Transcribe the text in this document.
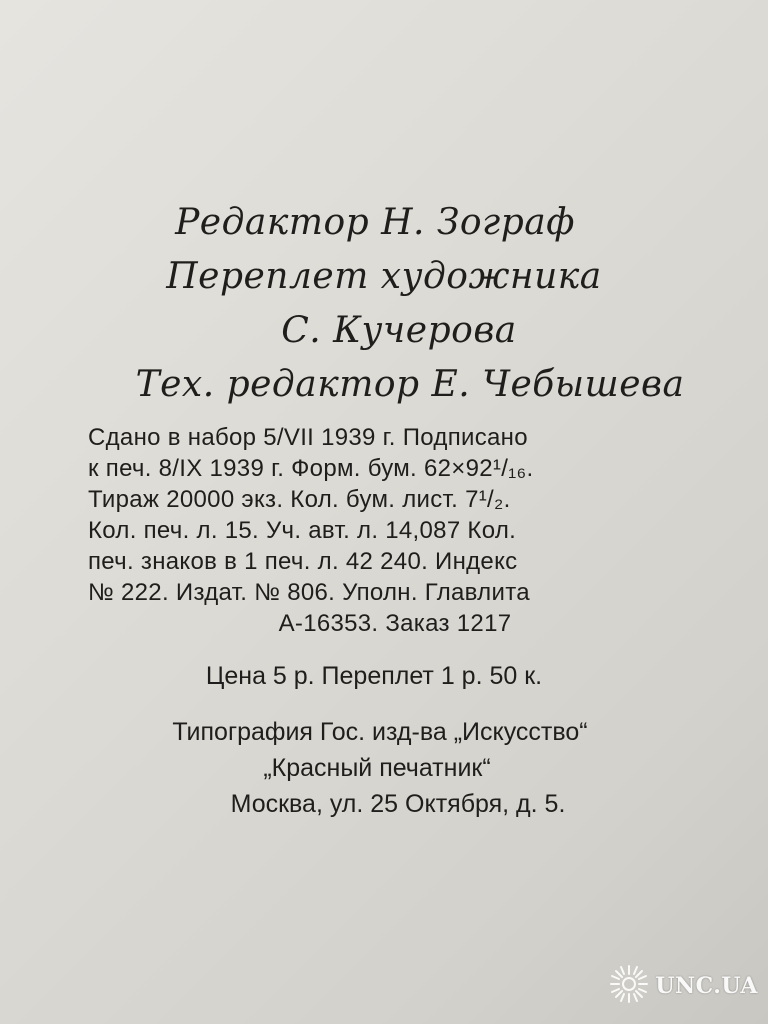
Редактор Н. Зограф
Переплет художника
С. Кучерова
Тех. редактор Е. Чебышева
Сдано в набор 5/VII 1939 г. Подписано
к печ. 8/IX 1939 г. Форм. бум. 62×92¹/₁₆.
Тираж 20000 экз. Кол. бум. лист. 7¹/₂.
Кол. печ. л. 15. Уч. авт. л. 14,087 Кол.
печ. знаков в 1 печ. л. 42 240. Индекс
№ 222. Издат. № 806. Уполн. Главлита
А-16353. Заказ 1217
Цена 5 р. Переплет 1 р. 50 к.
Типография Гос. изд-ва „Искусство“
„Красный печатник“
Москва, ул. 25 Октября, д. 5.
UNC.UA
